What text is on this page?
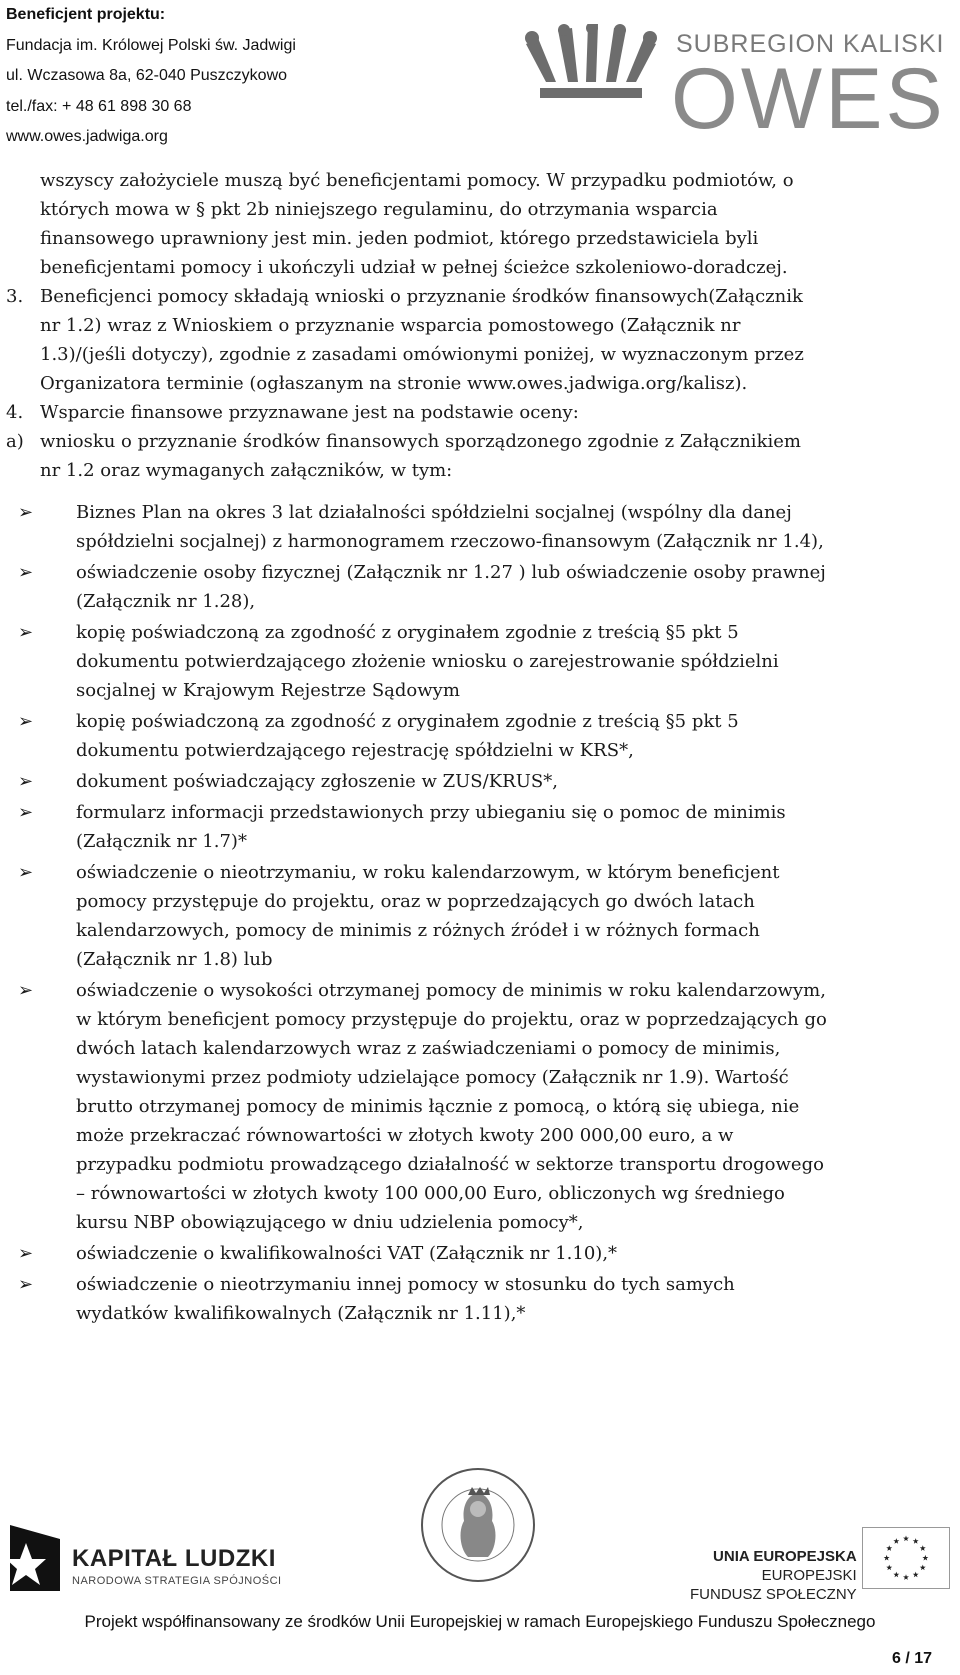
Beneficjent projektu:
Fundacja im. Królowej Polski św. Jadwigi
ul. Wczasowa 8a, 62-040 Puszczykowo
tel./fax: + 48 61 898 30 68
www.owes.jadwiga.org
SUBREGION KALISKI
OWES
wszyscy założyciele muszą być beneficjentami pomocy. W przypadku podmiotów, o
których mowa w § pkt 2b niniejszego regulaminu, do otrzymania wsparcia
finansowego uprawniony jest min. jeden podmiot, którego przedstawiciela byli
beneficjentami pomocy i ukończyli udział w pełnej ścieżce szkoleniowo-doradczej.
3. Beneficjenci pomocy składają wnioski o przyznanie środków finansowych(Załącznik
nr 1.2) wraz z Wnioskiem o przyznanie wsparcia pomostowego (Załącznik nr
1.3)/(jeśli dotyczy), zgodnie z zasadami omówionymi poniżej, w wyznaczonym przez
Organizatora terminie (ogłaszanym na stronie www.owes.jadwiga.org/kalisz).
4. Wsparcie finansowe przyznawane jest na podstawie oceny:
a) wniosku o przyznanie środków finansowych sporządzonego zgodnie z Załącznikiem
nr 1.2 oraz wymaganych załączników, w tym:
➢ Biznes Plan na okres 3 lat działalności spółdzielni socjalnej (wspólny dla danej
spółdzielni socjalnej) z harmonogramem rzeczowo-finansowym (Załącznik nr 1.4),
➢ oświadczenie osoby fizycznej (Załącznik nr 1.27 ) lub oświadczenie osoby prawnej
(Załącznik nr 1.28),
➢ kopię poświadczoną za zgodność z oryginałem zgodnie z treścią §5 pkt 5
dokumentu potwierdzającego złożenie wniosku o zarejestrowanie spółdzielni
socjalnej w Krajowym Rejestrze Sądowym
➢ kopię poświadczoną za zgodność z oryginałem zgodnie z treścią §5 pkt 5
dokumentu potwierdzającego rejestrację spółdzielni w KRS*,
➢ dokument poświadczający zgłoszenie w ZUS/KRUS*,
➢ formularz informacji przedstawionych przy ubieganiu się o pomoc de minimis
(Załącznik nr 1.7)*
➢ oświadczenie o nieotrzymaniu, w roku kalendarzowym, w którym beneficjent
pomocy przystępuje do projektu, oraz w poprzedzających go dwóch latach
kalendarzowych, pomocy de minimis z różnych źródeł i w różnych formach
(Załącznik nr 1.8) lub
➢ oświadczenie o wysokości otrzymanej pomocy de minimis w roku kalendarzowym,
w którym beneficjent pomocy przystępuje do projektu, oraz w poprzedzających go
dwóch latach kalendarzowych wraz z zaświadczeniami o pomocy de minimis,
wystawionymi przez podmioty udzielające pomocy (Załącznik nr 1.9). Wartość
brutto otrzymanej pomocy de minimis łącznie z pomocą, o którą się ubiega, nie
może przekraczać równowartości w złotych kwoty 200 000,00 euro, a w
przypadku podmiotu prowadzącego działalność w sektorze transportu drogowego
– równowartości w złotych kwoty 100 000,00 Euro, obliczonych wg średniego
kursu NBP obowiązującego w dniu udzielenia pomocy*,
➢ oświadczenie o kwalifikowalności VAT (Załącznik nr 1.10),*
➢ oświadczenie o nieotrzymaniu innej pomocy w stosunku do tych samych
wydatków kwalifikowalnych (Załącznik nr 1.11),*
KAPITAŁ LUDZKI
NARODOWA STRATEGIA SPÓJNOŚCI
UNIA EUROPEJSKA
EUROPEJSKI
FUNDUSZ SPOŁECZNY
Projekt współfinansowany ze środków Unii Europejskiej w ramach Europejskiego Funduszu Społecznego
6 / 17
